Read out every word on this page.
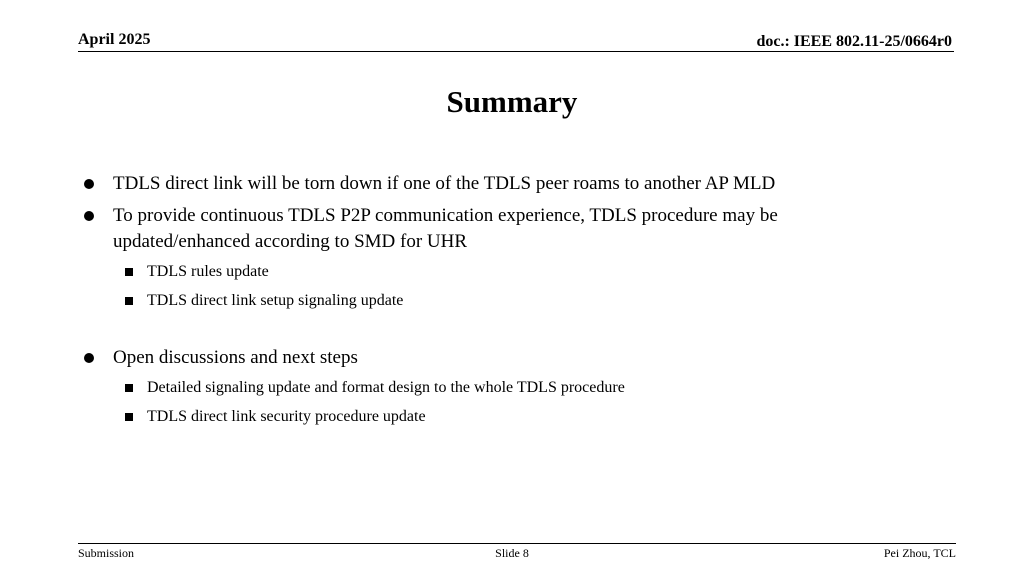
April 2025	doc.: IEEE 802.11-25/0664r0
Summary
TDLS direct link will be torn down if one of the TDLS peer roams to another AP MLD
To provide continuous TDLS P2P communication experience, TDLS procedure may be updated/enhanced according to SMD for UHR
TDLS rules update
TDLS direct link setup signaling update
Open discussions and next steps
Detailed signaling update and format design to the whole TDLS procedure
TDLS direct link security procedure update
Submission	Slide 8	Pei Zhou, TCL
